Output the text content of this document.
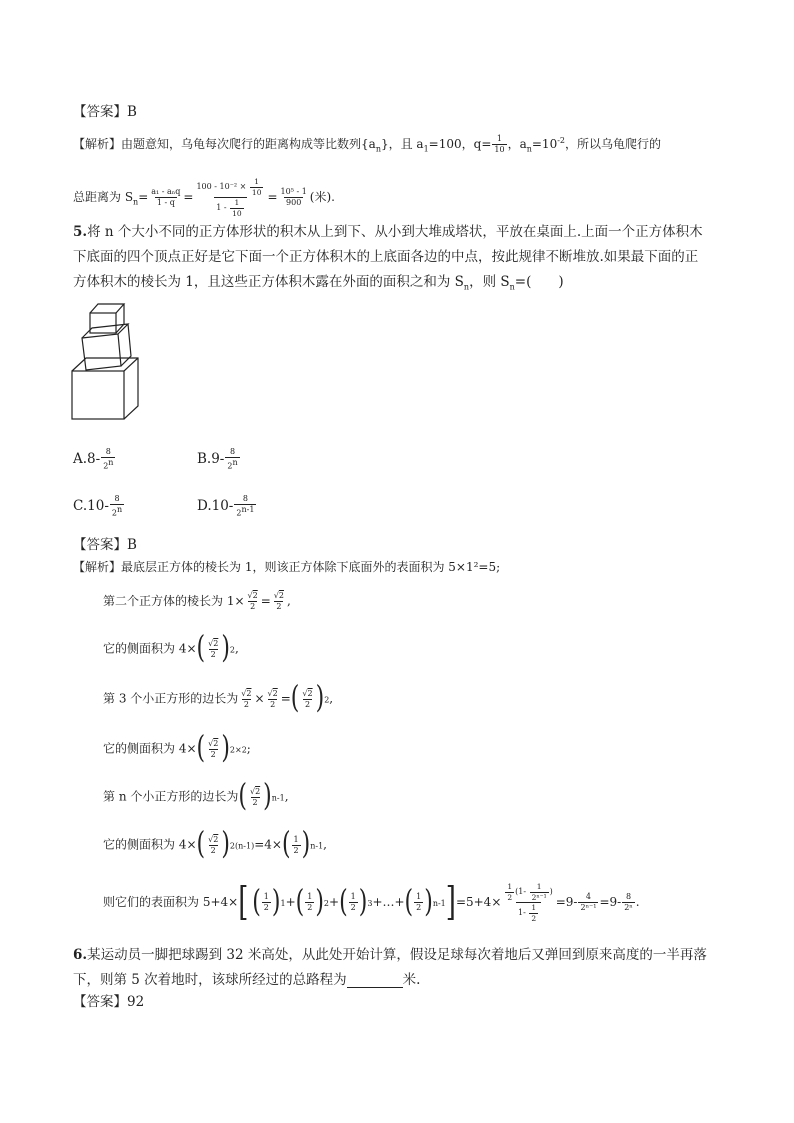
【答案】B
【解析】由题意知，乌龟每次爬行的距离构成等比数列$\{a_n\}$，且 $a_1=100$，$q= \frac{1}{10}$ ，$a_n=10^{-2}$，所以乌龟爬行的
总距离为 $S_n= \frac{\text{a₁ - aₙq}}{1 - q} = \frac{100 - 10^{-2} \times \frac{1}{10}}{1 - \frac{1}{10}} = \frac{\text{10⁵ - 1}}{900}$ (米).
5.将 n 个大小不同的正方体形状的积木从上到下、从小到大堆成塔状，平放在桌面上.上面一个正方体积木
下底面的四个顶点正好是它下面一个正方体积木的上底面各边的中点，按此规律不断堆放.如果最下面的正
方体积木的棱长为 1，且这些正方体积木露在外面的面积之和为 $S_n$，则 $S_n=$(　　)
$A.8- \frac{8}{2n}$	$B.9- \frac{8}{2n}$
$C.10- \frac{8}{2n}$	$D.10- \frac{8}{2n-1}$
【答案】B
【解析】最底层正方体的棱长为 1，则该正方体除下底面外的表面积为 5×1²=5;
第二个正方体的棱长为 $1\times \frac{√2}{2} = \frac{√2}{2}$ ,
它的侧面积为 $4\times( \frac{√2}{2} )2$,
第 3 个小正方形的边长为 $\frac{√2}{2} \times \frac{√2}{2}$ =( $\frac{√2}{2} )2$,
它的侧面积为 $4\times( \frac{√2}{2} )2\times 2$;
第 n 个小正方形的边长为( $\frac{√2}{2} )n-1$,
它的侧面积为 $4\times( \frac{√2}{2} )2(n-1)=4\times( \frac{1}{2} )n-1$,
则它们的表面积为 5+4×[ ( $\frac{1}{2} )1+( \frac{1}{2} )2+( \frac{1}{2}$ )3+…+( $\frac{1}{2} )n-1]=5+4\times \frac{\frac{1}{2} (1- \frac{1}{\text{2ⁿ⁻¹}} )}{1- \frac{1}{2}} =9- \frac{4}{\text{2ⁿ⁻¹}} =9- \frac{8}{\text{2ⁿ}}$ .
6.某运动员一脚把球踢到 32 米高处，从此处开始计算，假设足球每次着地后又弹回到原来高度的一半再落
下，则第 5 次着地时，该球所经过的总路程为	米.
【答案】92
